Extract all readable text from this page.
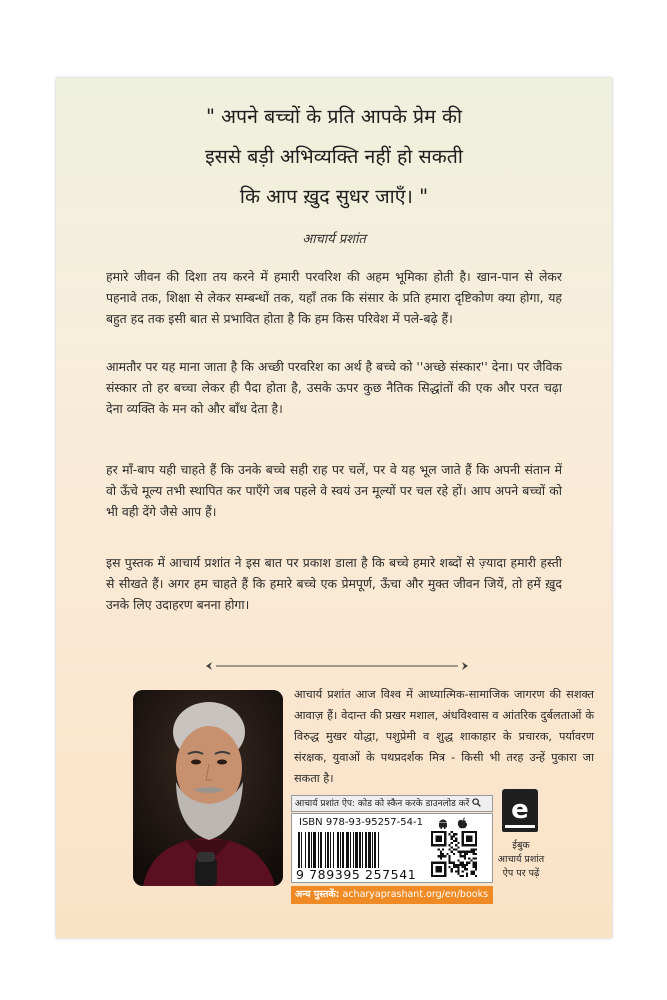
" अपने बच्चों के प्रति आपके प्रेम की
इससे बड़ी अभिव्यक्ति नहीं हो सकती
कि आप ख़ुद सुधर जाएँ। "
आचार्य प्रशांत
हमारे जीवन की दिशा तय करने में हमारी परवरिश की अहम भूमिका होती है। खान-पान से लेकर पहनावे तक, शिक्षा से लेकर सम्बन्धों तक, यहाँ तक कि संसार के प्रति हमारा दृष्टिकोण क्या होगा, यह बहुत हद तक इसी बात से प्रभावित होता है कि हम किस परिवेश में पले-बढ़े हैं।
आमतौर पर यह माना जाता है कि अच्छी परवरिश का अर्थ है बच्चे को ''अच्छे संस्कार'' देना। पर जैविक संस्कार तो हर बच्चा लेकर ही पैदा होता है, उसके ऊपर कुछ नैतिक सिद्धांतों की एक और परत चढ़ा देना व्यक्ति के मन को और बाँध देता है।
हर माँ-बाप यही चाहते हैं कि उनके बच्चे सही राह पर चलें, पर वे यह भूल जाते हैं कि अपनी संतान में वो ऊँचे मूल्य तभी स्थापित कर पाएँगे जब पहले वे स्वयं उन मूल्यों पर चल रहे हों। आप अपने बच्चों को भी वही देंगे जैसे आप हैं।
इस पुस्तक में आचार्य प्रशांत ने इस बात पर प्रकाश डाला है कि बच्चे हमारे शब्दों से ज़्यादा हमारी हस्ती से सीखते हैं। अगर हम चाहते हैं कि हमारे बच्चे एक प्रेमपूर्ण, ऊँचा और मुक्त जीवन जियें, तो हमें ख़ुद उनके लिए उदाहरण बनना होगा।
आचार्य प्रशांत आज विश्व में आध्यात्मिक-सामाजिक जागरण की सशक्त आवाज़ हैं। वेदान्त की प्रखर मशाल, अंधविश्वास व आंतरिक दुर्बलताओं के विरुद्ध मुखर योद्धा, पशुप्रेमी व शुद्ध शाकाहार के प्रचारक, पर्यावरण संरक्षक, युवाओं के पथप्रदर्शक मित्र - किसी भी तरह उन्हें पुकारा जा सकता है।
आचार्य प्रशांत ऐप: कोड को स्कैन करके डाउनलोड करें
ISBN 978-93-95257-54-1
9 789395 257541
e
ईबुक
आचार्य प्रशांत
ऐप पर पढ़ें
अन्य पुस्तकें: acharyaprashant.org/en/books
